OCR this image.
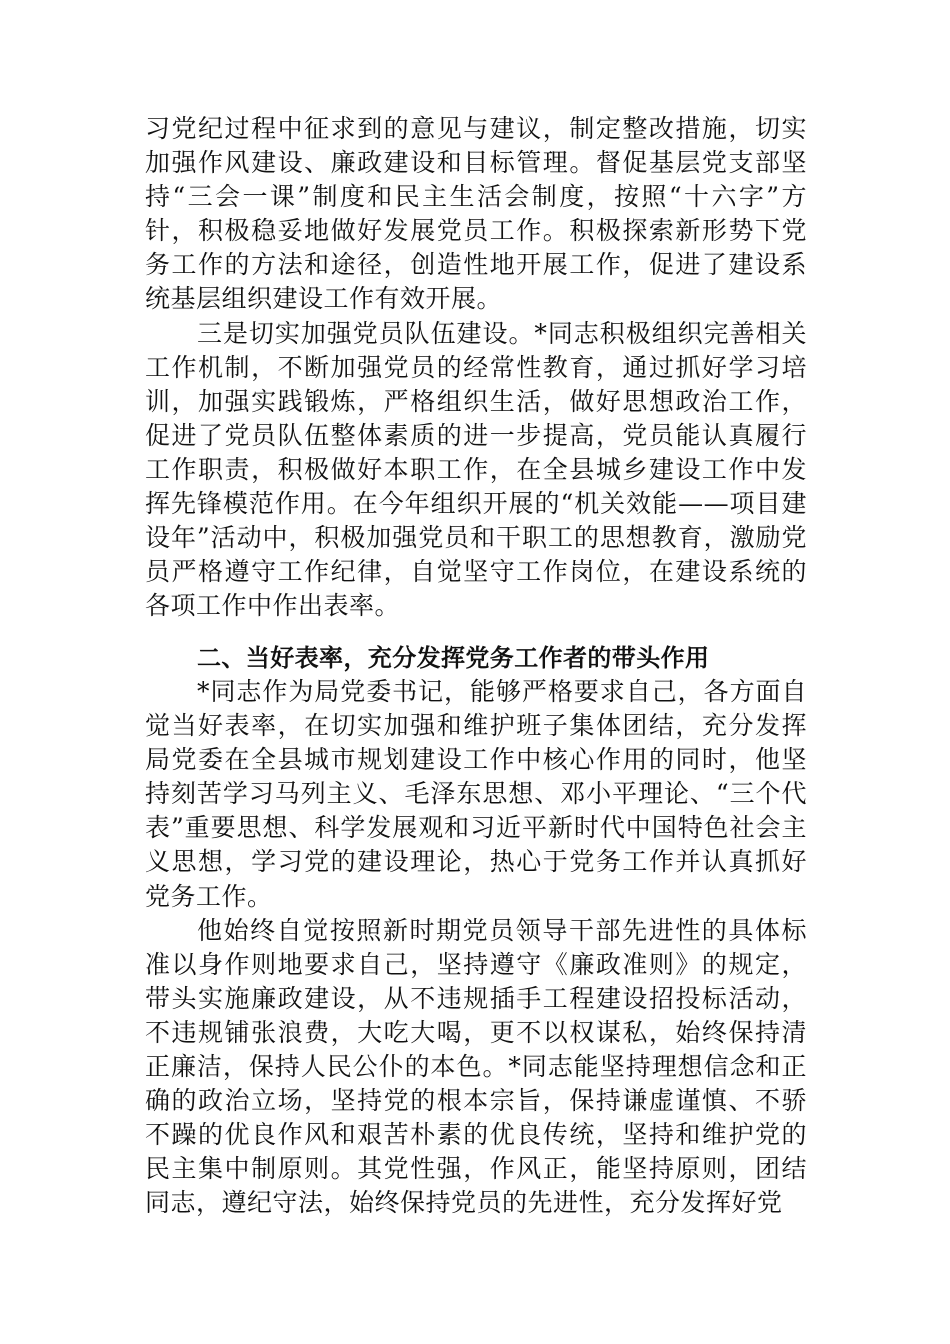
习党纪过程中征求到的意见与建议，制定整改措施，切实加强作风建设、廉政建设和目标管理。督促基层党支部坚持“三会一课”制度和民主生活会制度，按照“十六字”方针，积极稳妥地做好发展党员工作。积极探索新形势下党务工作的方法和途径，创造性地开展工作，促进了建设系统基层组织建设工作有效开展。

三是切实加强党员队伍建设。*同志积极组织完善相关工作机制，不断加强党员的经常性教育，通过抓好学习培训，加强实践锻炼，严格组织生活，做好思想政治工作，促进了党员队伍整体素质的进一步提高，党员能认真履行工作职责，积极做好本职工作，在全县城乡建设工作中发挥先锋模范作用。在今年组织开展的“机关效能——项目建设年”活动中，积极加强党员和干职工的思想教育，激励党员严格遵守工作纪律，自觉坚守工作岗位，在建设系统的各项工作中作出表率。

二、当好表率，充分发挥党务工作者的带头作用

*同志作为局党委书记，能够严格要求自己，各方面自觉当好表率，在切实加强和维护班子集体团结，充分发挥局党委在全县城市规划建设工作中核心作用的同时，他坚持刻苦学习马列主义、毛泽东思想、邓小平理论、“三个代表”重要思想、科学发展观和习近平新时代中国特色社会主义思想，学习党的建设理论，热心于党务工作并认真抓好党务工作。

他始终自觉按照新时期党员领导干部先进性的具体标准以身作则地要求自己，坚持遵守《廉政准则》的规定，带头实施廉政建设，从不违规插手工程建设招投标活动，不违规铺张浪费，大吃大喝，更不以权谋私，始终保持清正廉洁，保持人民公仆的本色。*同志能坚持理想信念和正确的政治立场，坚持党的根本宗旨，保持谦虚谨慎、不骄不躁的优良作风和艰苦朴素的优良传统，坚持和维护党的民主集中制原则。其党性强，作风正，能坚持原则，团结同志，遵纪守法，始终保持党员的先进性，充分发挥好党
